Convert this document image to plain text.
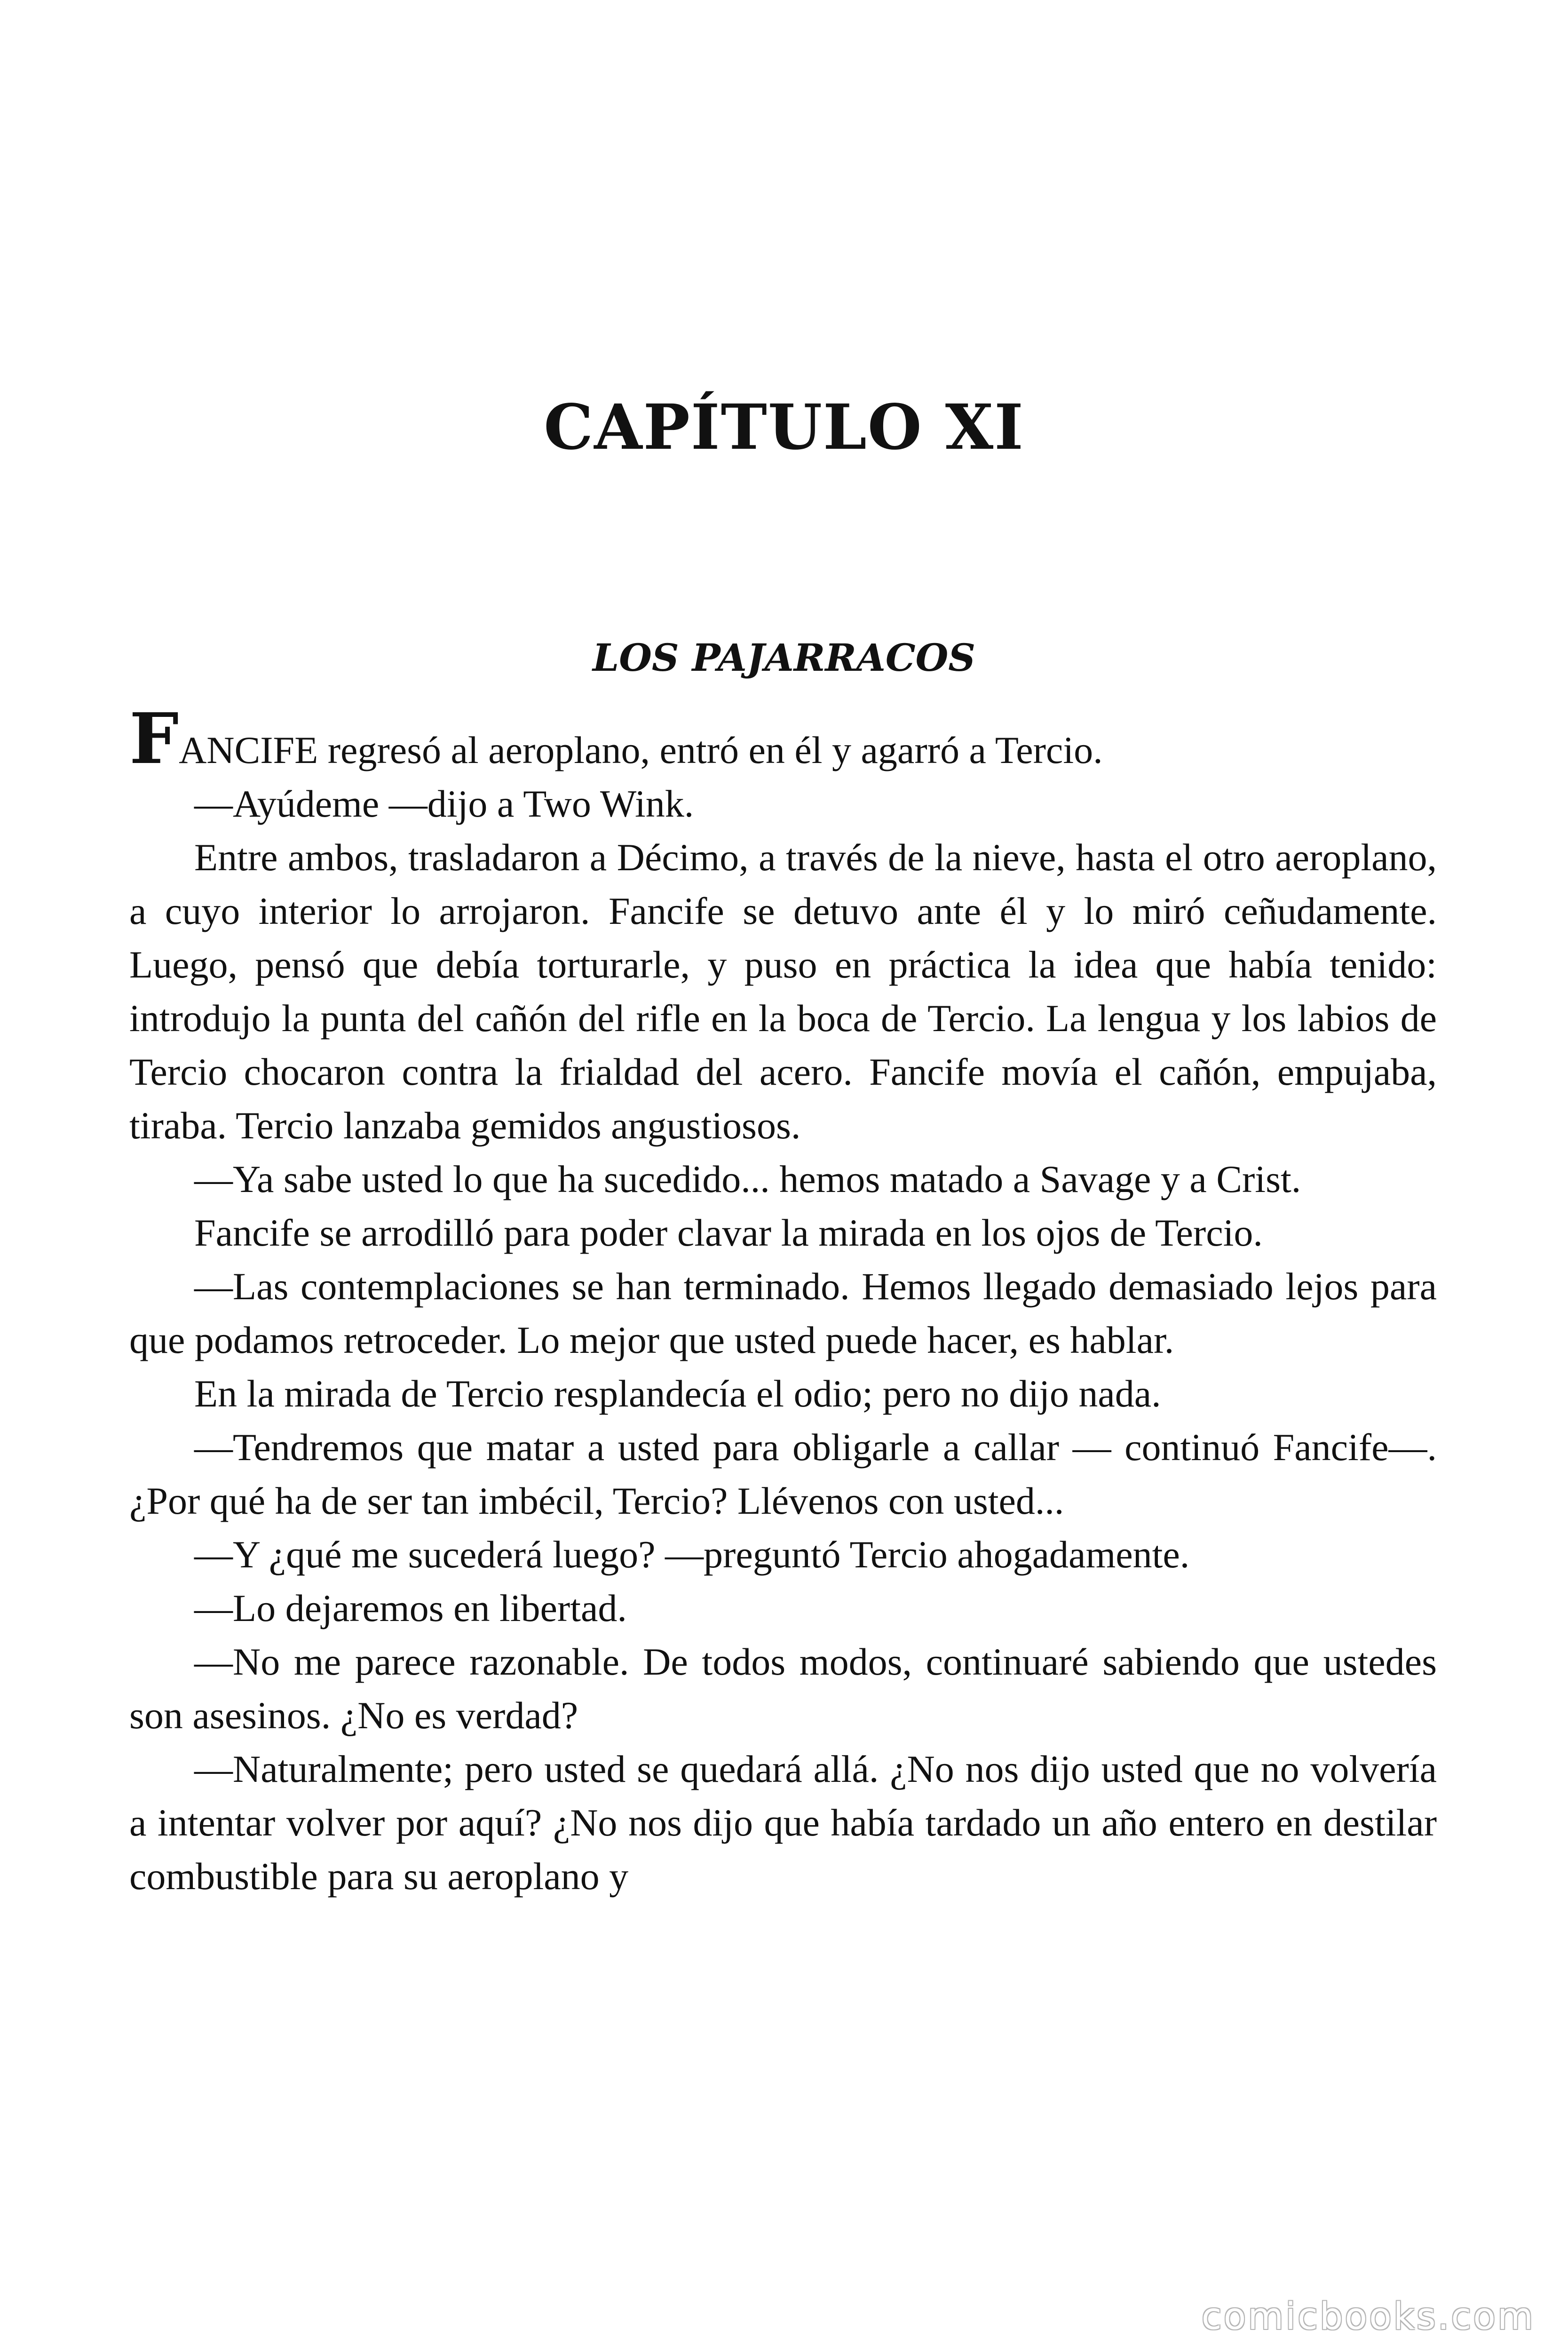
CAPÍTULO XI
LOS PAJARRACOS

FANCIFE regresó al aeroplano, entró en él y agarró a Tercio.

—Ayúdeme —dijo a Two Wink.

Entre ambos, trasladaron a Décimo, a través de la nieve, hasta el otro aeroplano, a cuyo interior lo arrojaron. Fancife se detuvo ante él y lo miró ceñudamente. Luego, pensó que debía torturarle, y puso en práctica la idea que había tenido: introdujo la punta del cañón del rifle en la boca de Tercio. La lengua y los labios de Tercio chocaron contra la frialdad del acero. Fancife movía el cañón, empujaba, tiraba. Tercio lanzaba gemidos angustiosos.

—Ya sabe usted lo que ha sucedido... hemos matado a Savage y a Crist.

Fancife se arrodilló para poder clavar la mirada en los ojos de Tercio.

—Las contemplaciones se han terminado. Hemos llegado demasiado lejos para que podamos retroceder. Lo mejor que usted puede hacer, es hablar.

En la mirada de Tercio resplandecía el odio; pero no dijo nada.

—Tendremos que matar a usted para obligarle a callar — continuó Fancife—. ¿Por qué ha de ser tan imbécil, Tercio? Llévenos con usted...

—Y ¿qué me sucederá luego? —preguntó Tercio ahogadamente.

—Lo dejaremos en libertad.

—No me parece razonable. De todos modos, continuaré sabiendo que ustedes son asesinos. ¿No es verdad?

—Naturalmente; pero usted se quedará allá. ¿No nos dijo usted que no volvería a intentar volver por aquí? ¿No nos dijo que había tardado un año entero en destilar combustible para su aeroplano y

comicbooks.com
